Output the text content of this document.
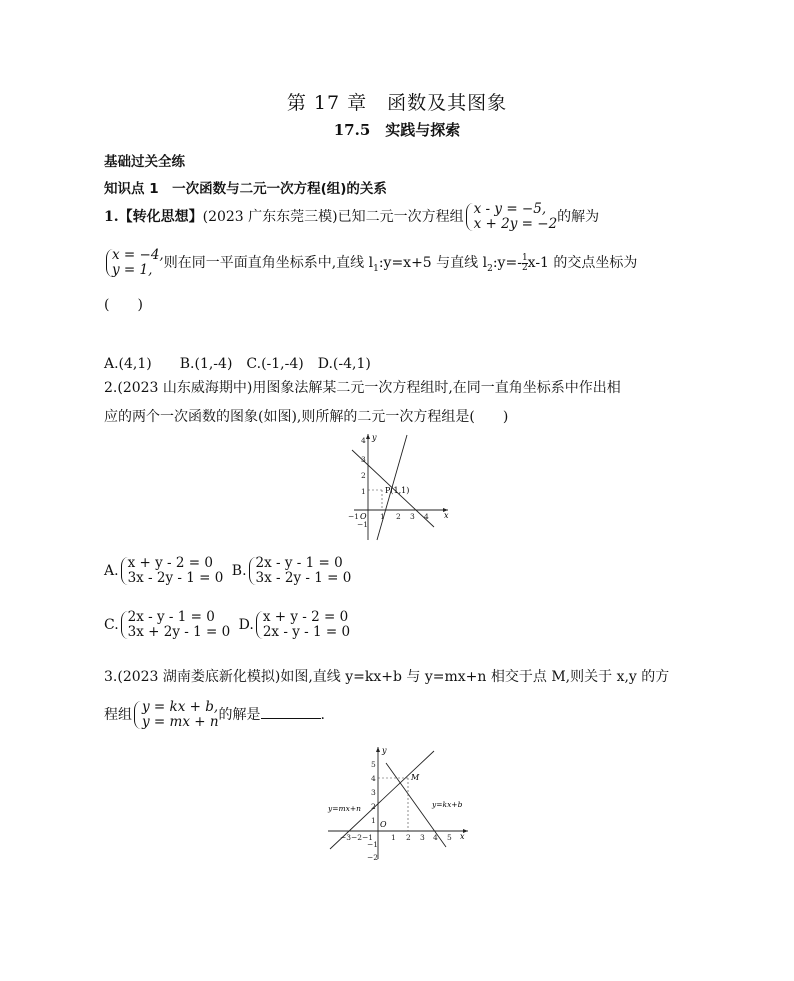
第 17 章　函数及其图象
17.5　实践与探索
基础过关全练
知识点 1　一次函数与二元一次方程(组)的关系
1.【转化思想】(2023 广东东莞三模)已知二元一次方程组 x - y = −5,
x + 2y = −2 的解为
x = −4,
y = 1, 则在同一平面直角坐标系中,直线 $l_1:y=x+5$ 与直线 $l_2:y=- \frac{1}{2} x-1$ 的交点坐标为
(　　)
A.(4,1)　　B.(1,-4)　C.(-1,-4)　D.(-4,1)
2.(2023 山东威海期中)用图象法解某二元一次方程组时,在同一直角坐标系中作出相
应的两个一次函数的图象(如图),则所解的二元一次方程组是(　　)
y
x
O
P(1,1)
−1	1 2 3 4
4
3
2
1
−1
A. x + y - 2 = 0
3x - 2y - 1 = 0 B. 2x - y - 1 = 0
3x - 2y - 1 = 0
C. 2x - y - 1 = 0
3x + 2y - 1 = 0 D. x + y - 2 = 0
2x - y - 1 = 0
3.(2023 湖南娄底新化模拟)如图,直线 y=kx+b 与 y=mx+n 相交于点 M,则关于 x,y 的方
程组 y = kx + b,
y = mx + n 的解是	.
y
x
O
M
y=mx+n	y=kx+b
−3 −2 −1 1 2 3 4 5
5
4
3
2
1
−1
−2
